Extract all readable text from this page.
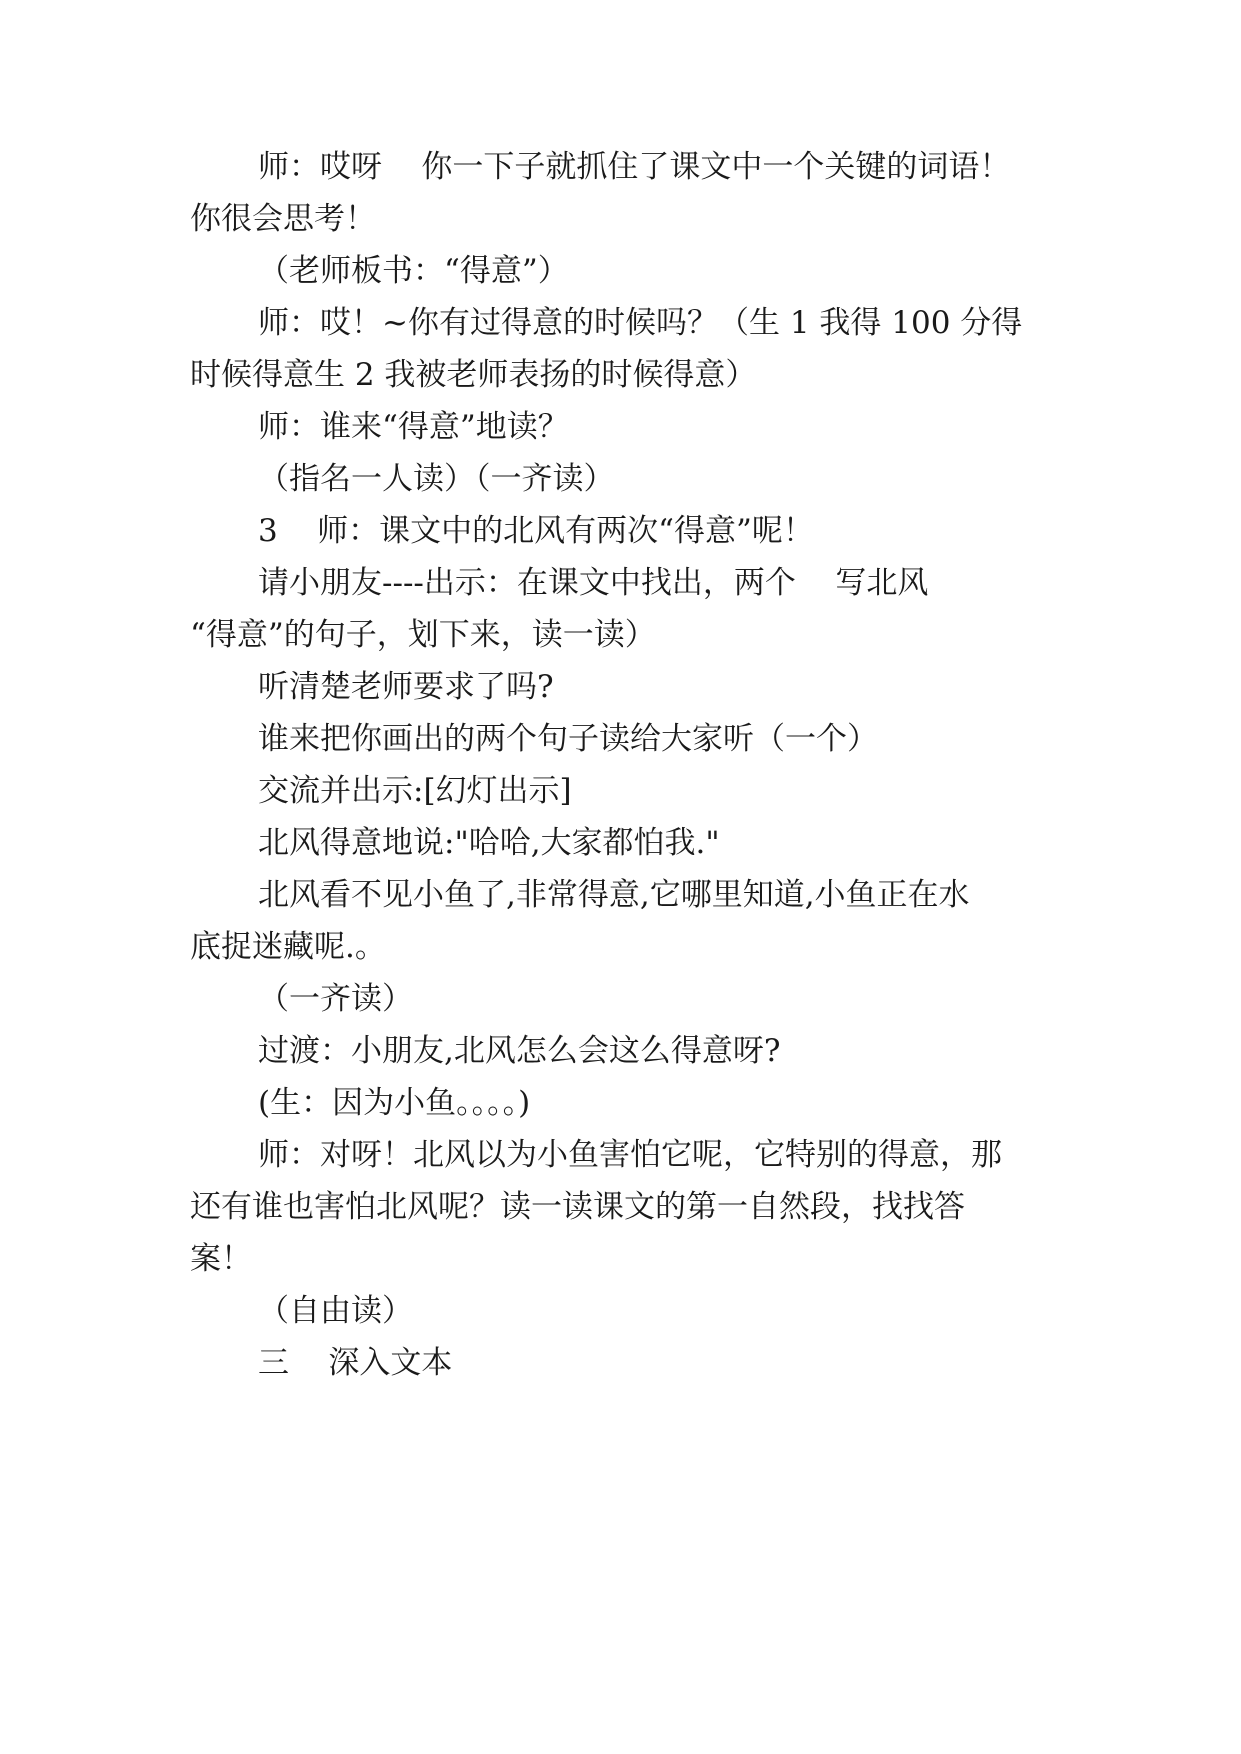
师：哎呀    你一下子就抓住了课文中一个关键的词语！
你很会思考！
（老师板书：“得意”）
师：哎！~你有过得意的时候吗？（生 1 我得 100 分得
时候得意生 2 我被老师表扬的时候得意）
师：谁来“得意”地读？
（指名一人读）（一齐读）
3    师：课文中的北风有两次“得意”呢！
请小朋友----出示：在课文中找出，两个    写北风
“得意”的句子，划下来，读一读）
听清楚老师要求了吗?
谁来把你画出的两个句子读给大家听（一个）
交流并出示:[幻灯出示]
北风得意地说:"哈哈,大家都怕我."
北风看不见小鱼了,非常得意,它哪里知道,小鱼正在水
底捉迷藏呢.。
（一齐读）
过渡：小朋友,北风怎么会这么得意呀?
(生：因为小鱼。。。。)
师：对呀！北风以为小鱼害怕它呢，它特别的得意，那
还有谁也害怕北风呢？读一读课文的第一自然段，找找答
案！
（自由读）
三    深入文本
